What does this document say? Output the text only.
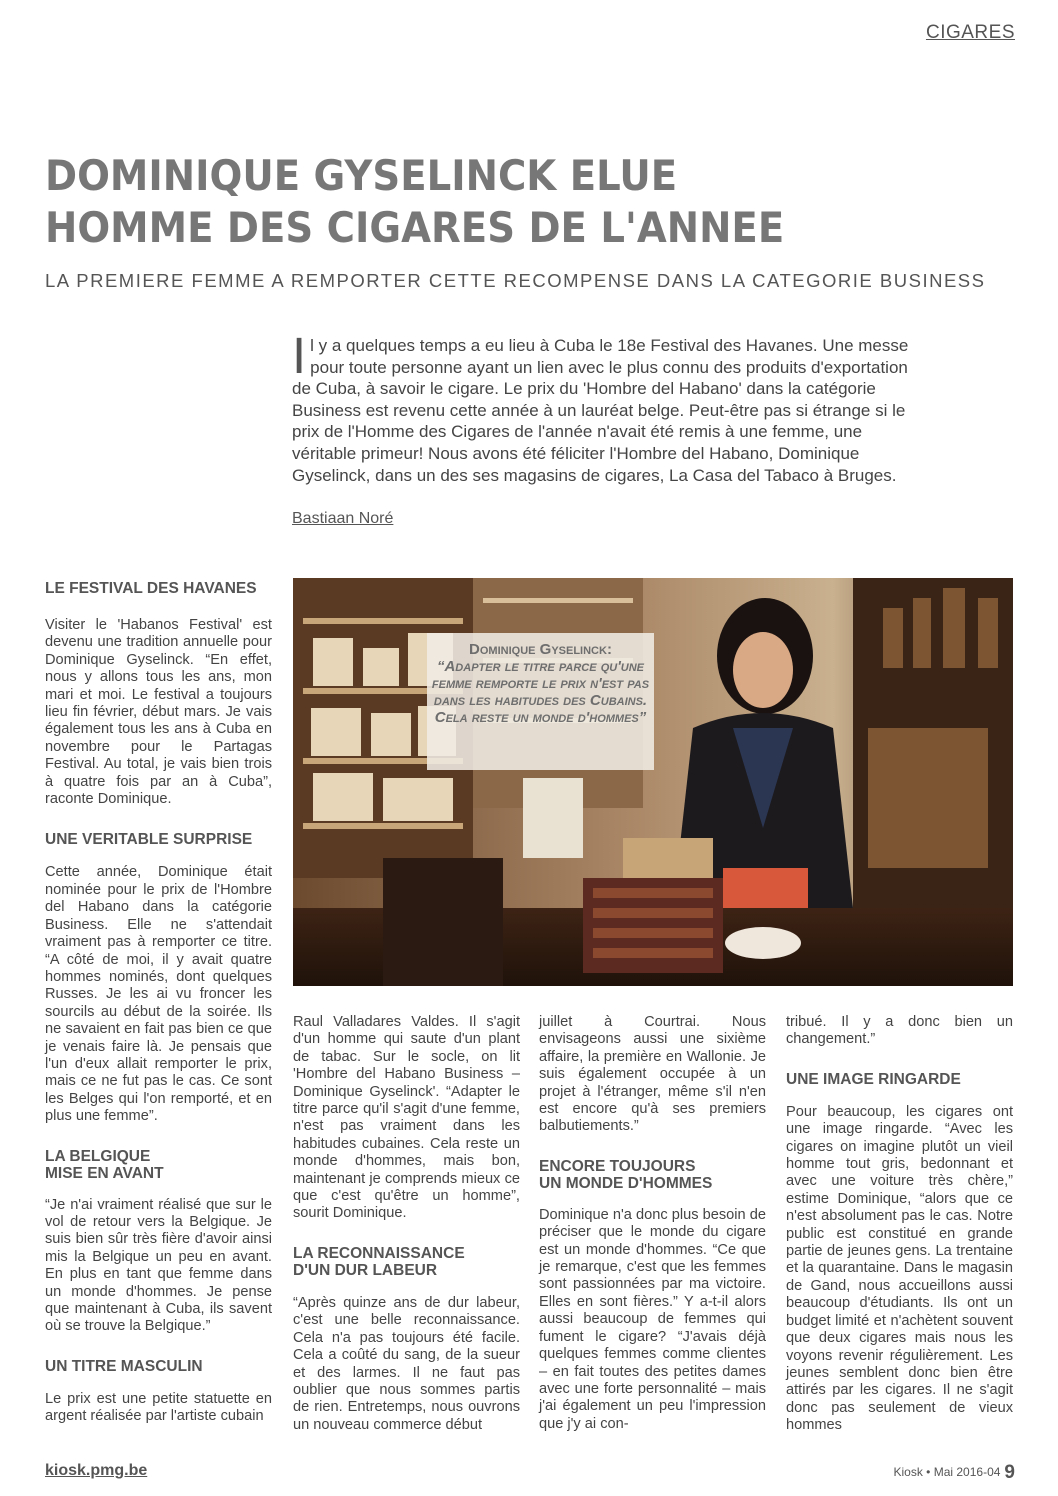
CIGARES
DOMINIQUE GYSELINCK ELUE
HOMME DES CIGARES DE L'ANNEE
LA PREMIERE FEMME A REMPORTER CETTE RECOMPENSE DANS LA CATEGORIE BUSINESS
Il y a quelques temps a eu lieu à Cuba le 18e Festival des Havanes. Une messe pour toute personne ayant un lien avec le plus connu des produits d'exportation de Cuba, à savoir le cigare. Le prix du 'Hombre del Habano' dans la catégorie Business est revenu cette année à un lauréat belge. Peut-être pas si étrange si le prix de l'Homme des Cigares de l'année n'avait été remis à une femme, une véritable primeur! Nous avons été féliciter l'Hombre del Habano, Dominique Gyselinck, dans un des ses magasins de cigares, La Casa del Tabaco à Bruges.
Bastiaan Noré
LE FESTIVAL DES HAVANES

Visiter le 'Habanos Festival' est devenu une tradition annuelle pour Dominique Gyselinck. “En effet, nous y allons tous les ans, mon mari et moi. Le festival a toujours lieu fin février, début mars. Je vais également tous les ans à Cuba en novembre pour le Partagas Festival. Au total, je vais bien trois à quatre fois par an à Cuba”, raconte Dominique.

UNE VERITABLE SURPRISE

Cette année, Dominique était nominée pour le prix de l'Hombre del Habano dans la catégorie Business. Elle ne s'attendait vraiment pas à remporter ce titre. “A côté de moi, il y avait quatre hommes nominés, dont quelques Russes. Je les ai vu froncer les sourcils au début de la soirée. Ils ne savaient en fait pas bien ce que je venais faire là. Je pensais que l'un d'eux allait remporter le prix, mais ce ne fut pas le cas. Ce sont les Belges qui l'on remporté, et en plus une femme”.

LA BELGIQUE
MISE EN AVANT

“Je n'ai vraiment réalisé que sur le vol de retour vers la Belgique. Je suis bien sûr très fière d'avoir ainsi mis la Belgique un peu en avant. En plus en tant que femme dans un monde d'hommes. Je pense que maintenant à Cuba, ils savent où se trouve la Belgique.”

UN TITRE MASCULIN

Le prix est une petite statuette en argent réalisée par l'artiste cubain

Dominique Gyselinck:
“Adapter le titre parce qu'une femme remporte le prix n'est pas dans les habitudes des Cubains. Cela reste un monde d'hommes”

Raul Valladares Valdes. Il s'agit d'un homme qui saute d'un plant de tabac. Sur le socle, on lit 'Hombre del Habano Business – Dominique Gyselinck'. “Adapter le titre parce qu'il s'agit d'une femme, n'est pas vraiment dans les habitudes cubaines. Cela reste un monde d'hommes, mais bon, maintenant je comprends mieux ce que c'est qu'être un homme”, sourit Dominique.

LA RECONNAISSANCE
D'UN DUR LABEUR

“Après quinze ans de dur labeur, c'est une belle reconnaissance. Cela n'a pas toujours été facile. Cela a coûté du sang, de la sueur et des larmes. Il ne faut pas oublier que nous sommes partis de rien. Entretemps, nous ouvrons un nouveau commerce début

juillet à Courtrai. Nous envisageons aussi une sixième affaire, la première en Wallonie. Je suis également occupée à un projet à l'étranger, même s'il n'en est encore qu'à ses premiers balbutiements.”

ENCORE TOUJOURS
UN MONDE D'HOMMES

Dominique n'a donc plus besoin de préciser que le monde du cigare est un monde d'hommes. “Ce que je remarque, c'est que les femmes sont passionnées par ma victoire. Elles en sont fières.” Y a-t-il alors aussi beaucoup de femmes qui fument le cigare? “J'avais déjà quelques femmes comme clientes – en fait toutes des petites dames avec une forte personnalité – mais j'ai également un peu l'impression que j'y ai con-

tribué. Il y a donc bien un changement.”

UNE IMAGE RINGARDE

Pour beaucoup, les cigares ont une image ringarde. “Avec les cigares on imagine plutôt un vieil homme tout gris, bedonnant et avec une voiture très chère,” estime Dominique, “alors que ce n'est absolument pas le cas. Notre public est constitué en grande partie de jeunes gens. La trentaine et la quarantaine. Dans le magasin de Gand, nous accueillons aussi beaucoup d'étudiants. Ils ont un budget limité et n'achètent souvent que deux cigares mais nous les voyons revenir régulièrement. Les jeunes semblent donc bien être attirés par les cigares. Il ne s'agit donc pas seulement de vieux hommes

kiosk.pmg.be	Kiosk • Mai 2016-04 9
